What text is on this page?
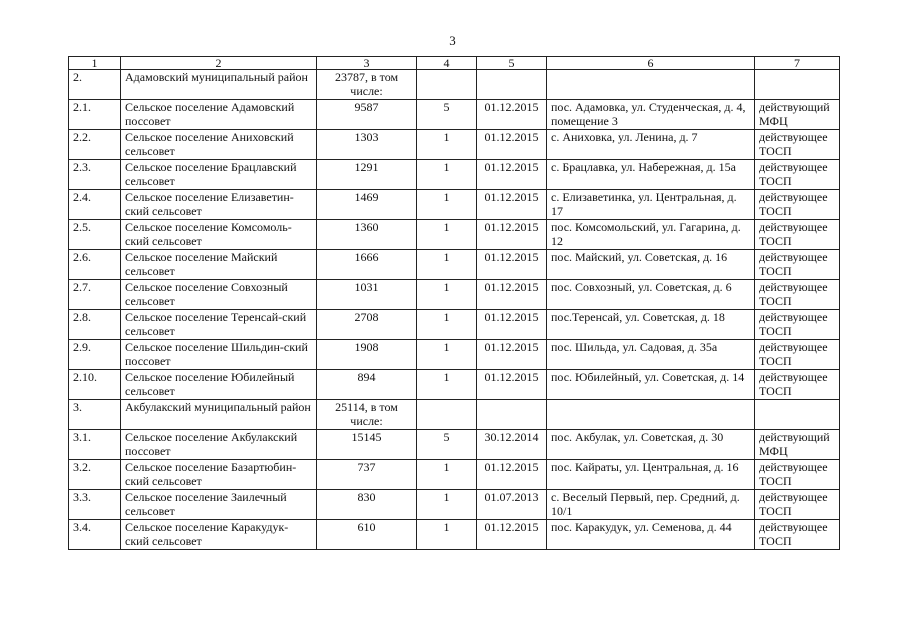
3
1	2	3	4	5	6	7
2.	Адамовский муниципальный район	23787, в том числе:				
2.1.	Сельское поселение Адамовский поссовет	9587	5	01.12.2015	пос. Адамовка, ул. Студенческая, д. 4, помещение 3	действующий МФЦ
2.2.	Сельское поселение Аниховский сельсовет	1303	1	01.12.2015	с. Аниховка, ул. Ленина, д. 7	действующее ТОСП
2.3.	Сельское поселение Брацлавский сельсовет	1291	1	01.12.2015	с. Брацлавка, ул. Набережная, д. 15а	действующее ТОСП
2.4.	Сельское поселение Елизаветин-ский сельсовет	1469	1	01.12.2015	с. Елизаветинка, ул. Центральная, д. 17	действующее ТОСП
2.5.	Сельское поселение Комсомоль-ский сельсовет	1360	1	01.12.2015	пос. Комсомольский, ул. Гагарина, д. 12	действующее ТОСП
2.6.	Сельское поселение Майский сельсовет	1666	1	01.12.2015	пос. Майский, ул. Советская, д. 16	действующее ТОСП
2.7.	Сельское поселение Совхозный сельсовет	1031	1	01.12.2015	пос. Совхозный, ул. Советская, д. 6	действующее ТОСП
2.8.	Сельское поселение Теренсай-ский сельсовет	2708	1	01.12.2015	пос.Теренсай, ул. Советская, д. 18	действующее ТОСП
2.9.	Сельское поселение Шильдин-ский поссовет	1908	1	01.12.2015	пос. Шильда, ул. Садовая, д. 35а	действующее ТОСП
2.10.	Сельское поселение Юбилейный сельсовет	894	1	01.12.2015	пос. Юбилейный, ул. Советская, д. 14	действующее ТОСП
3.	Акбулакский муниципальный район	25114, в том числе:				
3.1.	Сельское поселение Акбулакский поссовет	15145	5	30.12.2014	пос. Акбулак, ул. Советская, д. 30	действующий МФЦ
3.2.	Сельское поселение Базартюбин-ский сельсовет	737	1	01.12.2015	пос. Кайраты, ул. Центральная, д. 16	действующее ТОСП
3.3.	Сельское поселение Заилечный сельсовет	830	1	01.07.2013	с. Веселый Первый, пер. Средний, д. 10/1	действующее ТОСП
3.4.	Сельское поселение Каракудук-ский сельсовет	610	1	01.12.2015	пос. Каракудук, ул. Семенова, д. 44	действующее ТОСП
